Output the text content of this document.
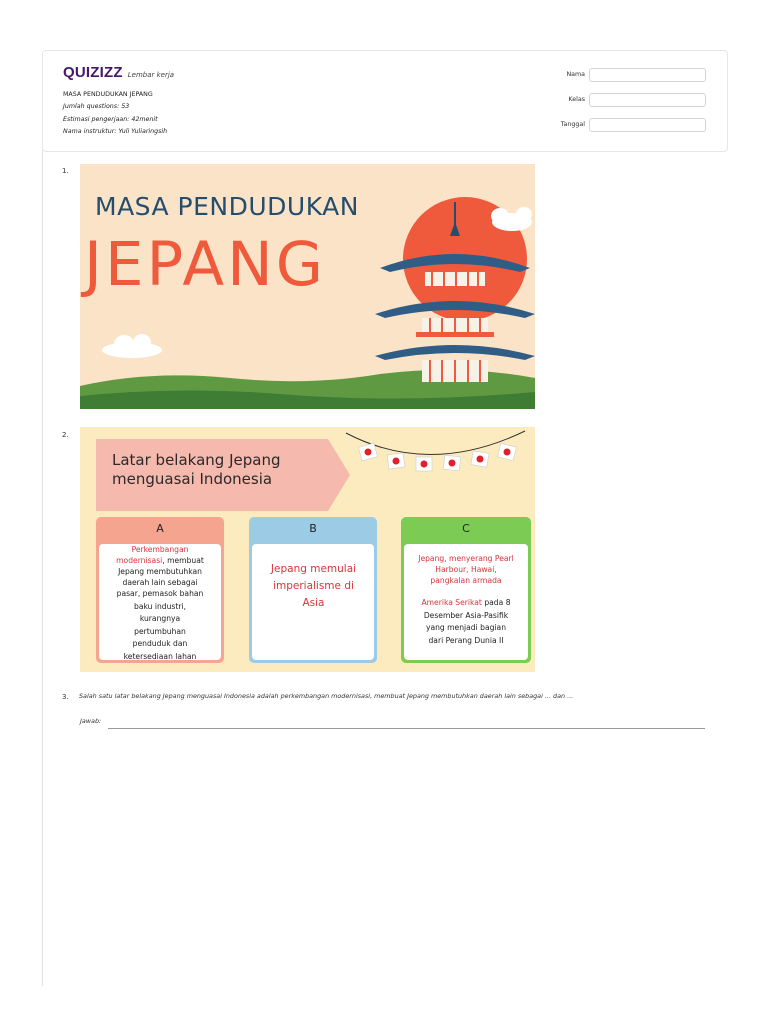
QUIZIZZ Lembar kerja
MASA PENDUDUKAN JEPANG
Jumlah questions: 53
Estimasi pengerjaan: 42menit
Nama instruktur: Yuli Yuliaringsih
Nama
Kelas
Tanggal
1.
MASA PENDUDUKAN
JEPANG
2.
Latar belakang Jepang
menguasai Indonesia
A
Perkembangan
modernisasi, membuat
Jepang membutuhkan
daerah lain sebagai
pasar, pemasok bahan
baku industri,
kurangnya
pertumbuhan
penduduk dan
ketersediaan lahan
B
Jepang memulai
imperialisme di
Asia
C
Jepang, menyerang Pearl
Harbour, Hawai,
pangkalan armada
Amerika Serikat pada 8
Desember Asia-Pasifik
yang menjadi bagian
dari Perang Dunia II
3. Salah satu latar belakang Jepang menguasai Indonesia adalah perkembangan modernisasi, membuat Jepang membutuhkan daerah lain sebagai ... dan ...
Jawab:
